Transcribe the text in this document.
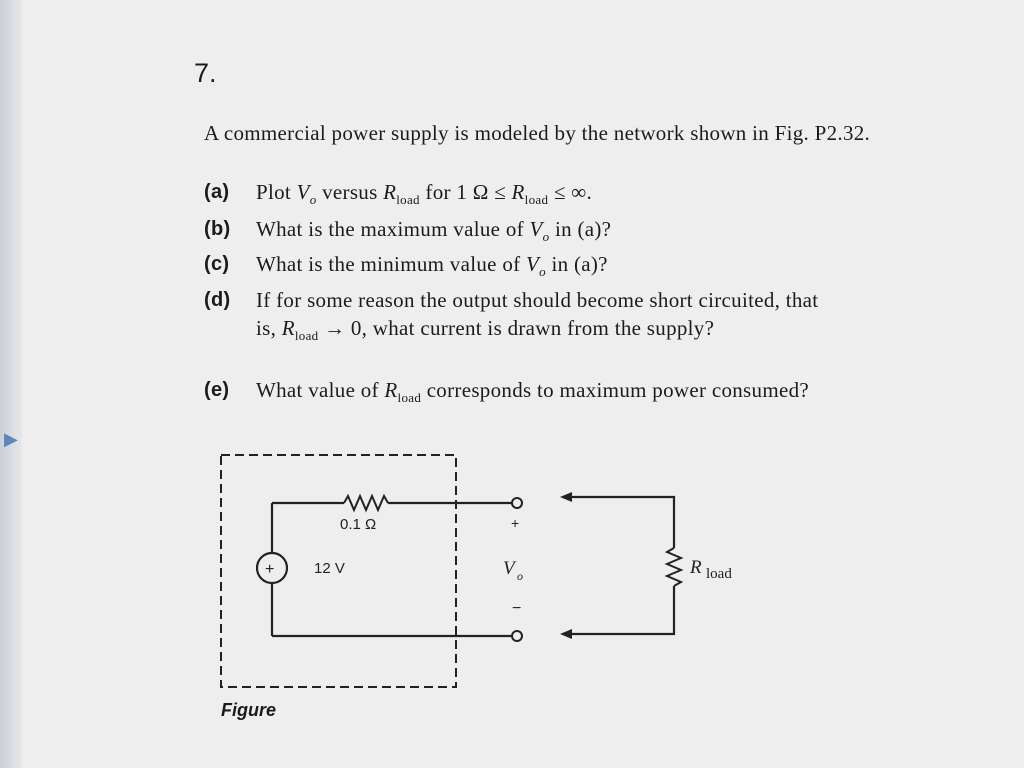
▶
7.
A commercial power supply is modeled by the network shown in Fig. P2.32.
(a) Plot $V_o$ versus $R_{load}$ for 1 $\Omega \le R_{load}$ ≤ ∞.
(b) What is the maximum value of $V_o$ in (a)?
(c) What is the minimum value of $V_o$ in (a)?
(d) If for some reason the output should become short circuited, that is, $R_{load} \to 0$, what current is drawn from the supply?
(e) What value of $R_{load}$ corresponds to maximum power consumed?
0.1 Ω
+	12 V
+
−
V o	R load
Figure
